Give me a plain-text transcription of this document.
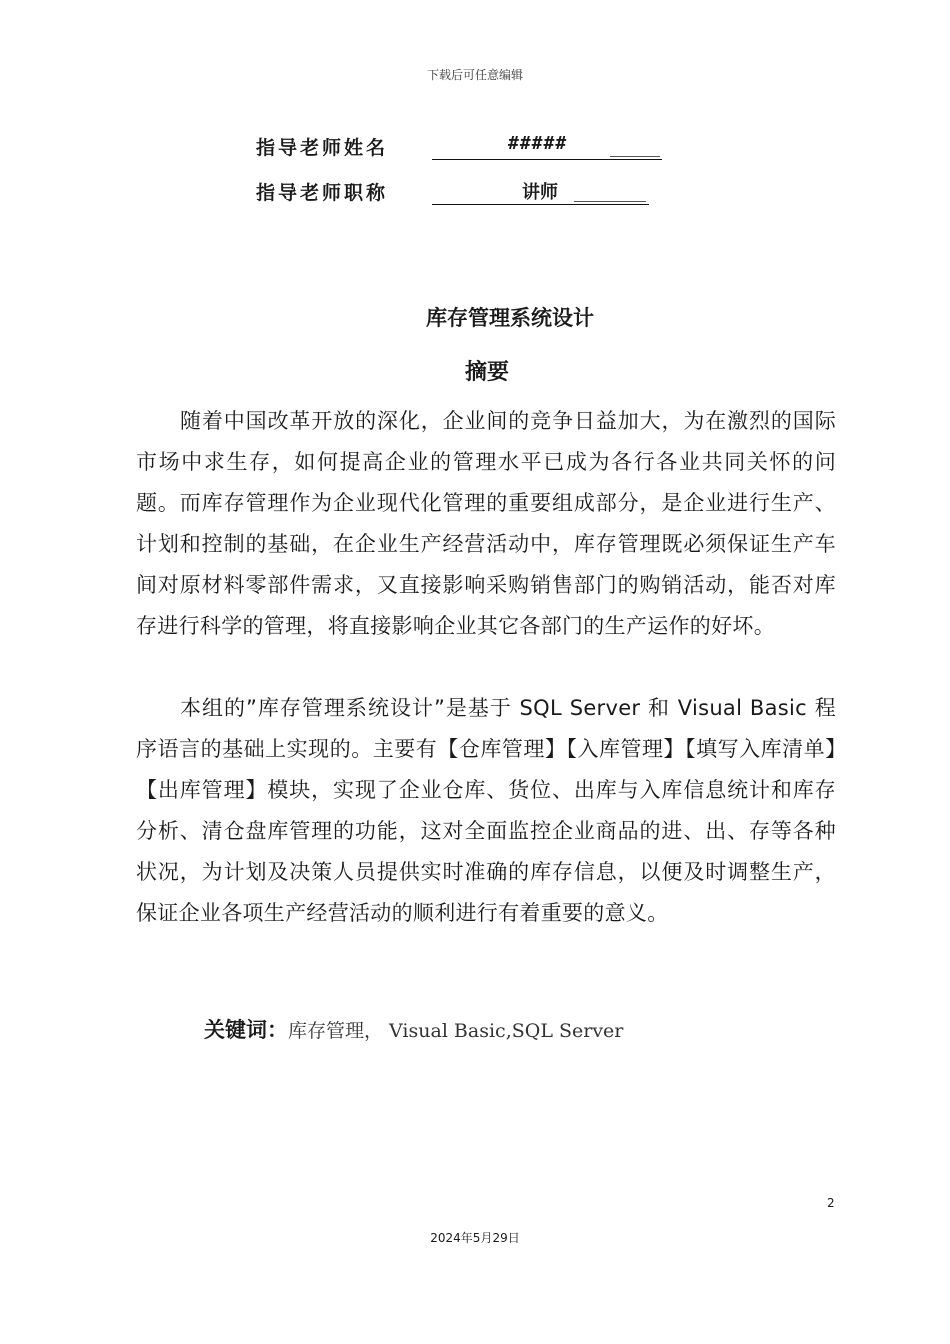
下载后可任意编辑
指导老师姓名	#####
指导老师职称	讲师
库存管理系统设计
摘要
随着中国改革开放的深化，企业间的竞争日益加大，为在激烈的国际市场中求生存，如何提高企业的管理水平已成为各行各业共同关怀的问题。而库存管理作为企业现代化管理的重要组成部分，是企业进行生产、计划和控制的基础，在企业生产经营活动中，库存管理既必须保证生产车间对原材料零部件需求，又直接影响采购销售部门的购销活动，能否对库存进行科学的管理，将直接影响企业其它各部门的生产运作的好坏。
本组的”库存管理系统设计”是基于 SQL Server 和 Visual Basic 程序语言的基础上实现的。主要有【仓库管理】【入库管理】【填写入库清单】【出库管理】模块，实现了企业仓库、货位、出库与入库信息统计和库存分析、清仓盘库管理的功能，这对全面监控企业商品的进、出、存等各种状况，为计划及决策人员提供实时准确的库存信息，以便及时调整生产，保证企业各项生产经营活动的顺利进行有着重要的意义。
关键词：库存管理， Visual Basic,SQL Server
2
2024年5月29日
